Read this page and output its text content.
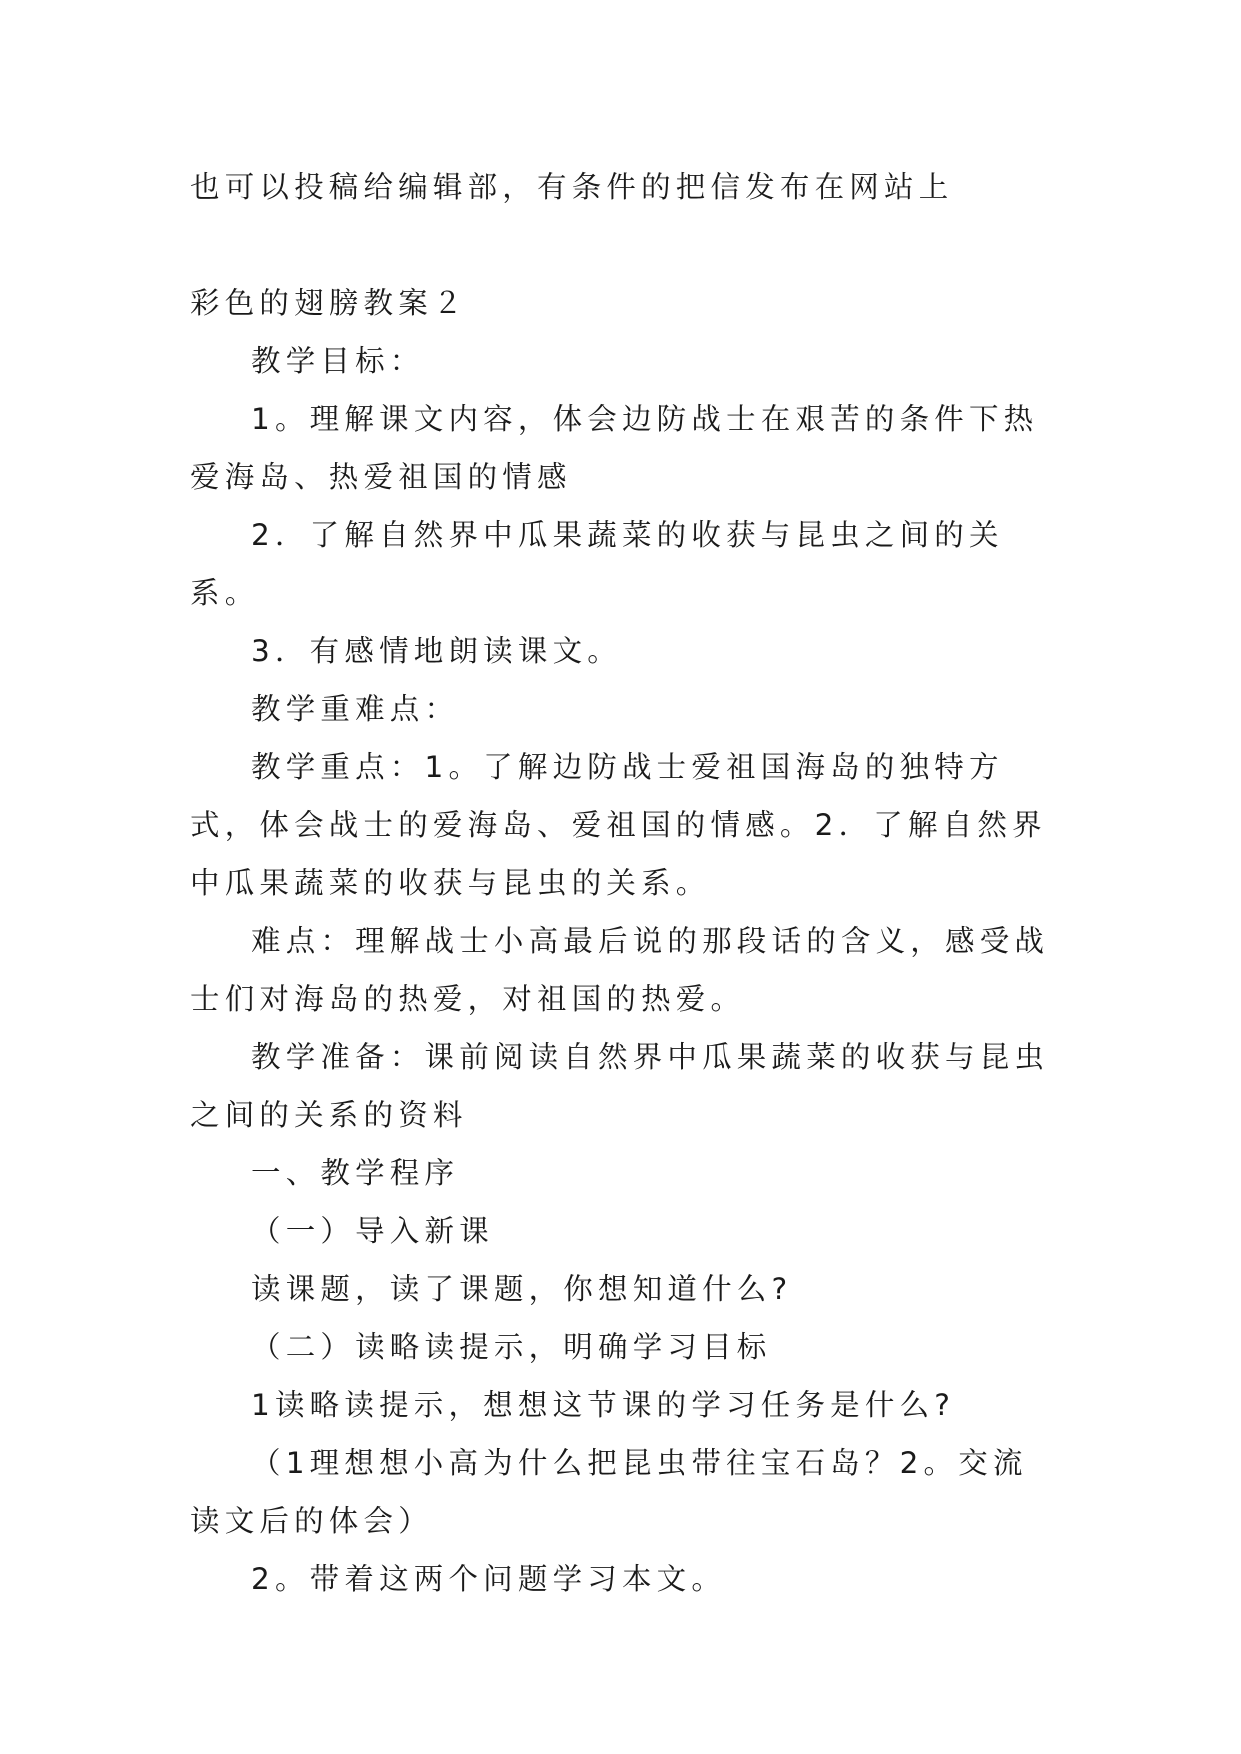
也可以投稿给编辑部，有条件的把信发布在网站上

彩色的翅膀教案２

教学目标：

1。理解课文内容，体会边防战士在艰苦的条件下热爱海岛、热爱祖国的情感

2．了解自然界中瓜果蔬菜的收获与昆虫之间的关系。

3．有感情地朗读课文。

教学重难点：

教学重点：1。了解边防战士爱祖国海岛的独特方式，体会战士的爱海岛、爱祖国的情感。2．了解自然界中瓜果蔬菜的收获与昆虫的关系。

难点：理解战士小高最后说的那段话的含义，感受战士们对海岛的热爱，对祖国的热爱。

教学准备：课前阅读自然界中瓜果蔬菜的收获与昆虫之间的关系的资料

一、教学程序

（一）导入新课

读课题，读了课题，你想知道什么?

（二）读略读提示，明确学习目标

1读略读提示，想想这节课的学习任务是什么?

（1理想想小高为什么把昆虫带往宝石岛？2。交流读文后的体会）

2。带着这两个问题学习本文。
